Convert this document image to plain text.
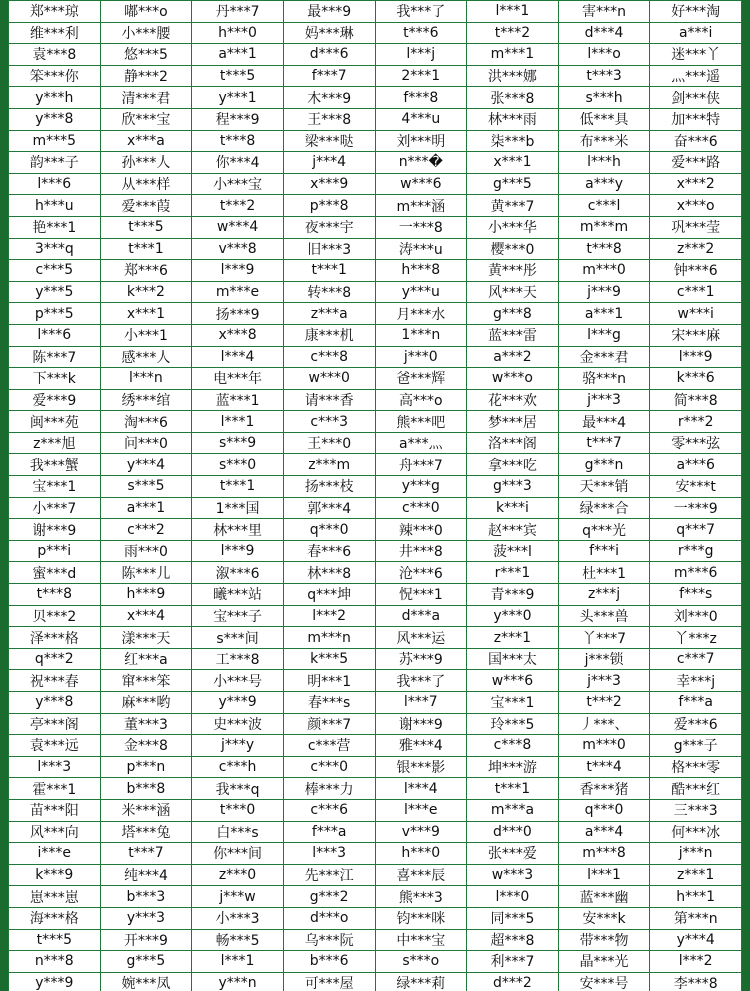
郑***琼	嘟***o	丹***7	最***9	我***了	l***1	害***n	好***淘
维***利	小***腰	h***0	妈***琳	t***6	t***2	d***4	a***i
袁***8	悠***5	a***1	d***6	l***j	m***1	l***o	迷***丫
笨***你	静***2	t***5	f***7	2***1	洪***娜	t***3	灬***遥
y***h	清***君	y***1	木***9	f***8	张***8	s***h	剑***侠
y***8	欣***宝	程***9	王***8	4***u	林***雨	低***具	加***特
m***5	x***a	t***8	梁***哒	刘***明	柒***b	布***米	奋***6
韵***子	孙***人	你***4	j***4	n***�	x***1	l***h	爱***路
l***6	从***样	小***宝	x***9	w***6	g***5	a***y	x***2
h***u	爱***葭	t***2	p***8	m***涵	黄***7	c***l	x***o
艳***1	t***5	w***4	夜***宇	一***8	小***华	m***m	巩***莹
3***q	t***1	v***8	旧***3	涛***u	樱***0	t***8	z***2
c***5	郑***6	l***9	t***1	h***8	黄***彤	m***0	钟***6
y***5	k***2	m***e	转***8	y***u	风***天	j***9	c***1
p***5	x***1	扬***9	z***a	月***水	g***8	a***1	w***i
l***6	小***1	x***8	康***机	1***n	蓝***雷	l***g	宋***麻
陈***7	感***人	l***4	c***8	j***0	a***2	金***君	l***9
下***k	l***n	电***年	w***0	爸***辉	w***o	骆***n	k***6
爱***9	绣***绾	蓝***1	请***香	高***o	花***欢	j***3	简***8
闽***苑	淘***6	l***1	c***3	熊***吧	梦***居	最***4	r***2
z***旭	问***0	s***9	王***0	a***灬	洛***阁	t***7	零***弦
我***蟹	y***4	s***0	z***m	舟***7	拿***吃	g***n	a***6
宝***1	s***5	t***1	扬***枝	y***g	g***3	天***销	安***t
小***7	a***1	1***国	郭***4	c***0	k***i	绿***合	一***9
谢***9	c***2	林***里	q***0	辣***0	赵***宾	q***光	q***7
p***i	雨***0	l***9	春***6	井***8	菠***l	f***i	r***g
蜜***d	陈***儿	溆***6	林***8	沧***6	r***1	杜***1	m***6
t***8	h***9	曦***站	q***坤	怳***1	青***9	z***j	f***s
贝***2	x***4	宝***子	l***2	d***a	y***0	头***兽	刘***0
泽***格	漾***天	s***间	m***n	风***运	z***1	丫***7	丫***z
q***2	红***a	工***8	k***5	苏***9	国***太	j***锁	c***7
祝***春	窜***笨	小***号	明***1	我***了	w***6	j***3	幸***j
y***8	麻***哟	y***9	春***s	l***7	宝***1	t***2	f***a
亭***阁	董***3	史***波	颜***7	谢***9	玲***5	丿***、	爱***6
袁***远	金***8	j***y	c***营	雅***4	c***8	m***0	g***子
l***3	p***n	c***h	c***0	银***影	坤***游	t***4	格***零
霍***1	b***8	我***q	棒***力	l***4	t***1	香***猪	酷***红
苗***阳	米***涵	t***0	c***6	l***e	m***a	q***0	三***3
风***向	塔***兔	白***s	f***a	v***9	d***0	a***4	何***冰
i***e	t***7	你***间	l***3	h***0	张***爱	m***8	j***n
k***9	纯***4	z***0	先***江	喜***辰	w***3	l***1	z***1
崽***崽	b***3	j***w	g***2	熊***3	l***0	蓝***幽	h***1
海***格	y***3	小***3	d***o	钧***咪	同***5	安***k	第***n
t***5	开***9	畅***5	乌***阮	中***宝	超***8	带***物	y***4
n***8	g***5	l***1	b***6	s***o	利***7	晶***光	l***2
y***9	婉***凤	y***n	可***屋	绿***莉	d***2	安***号	李***8
